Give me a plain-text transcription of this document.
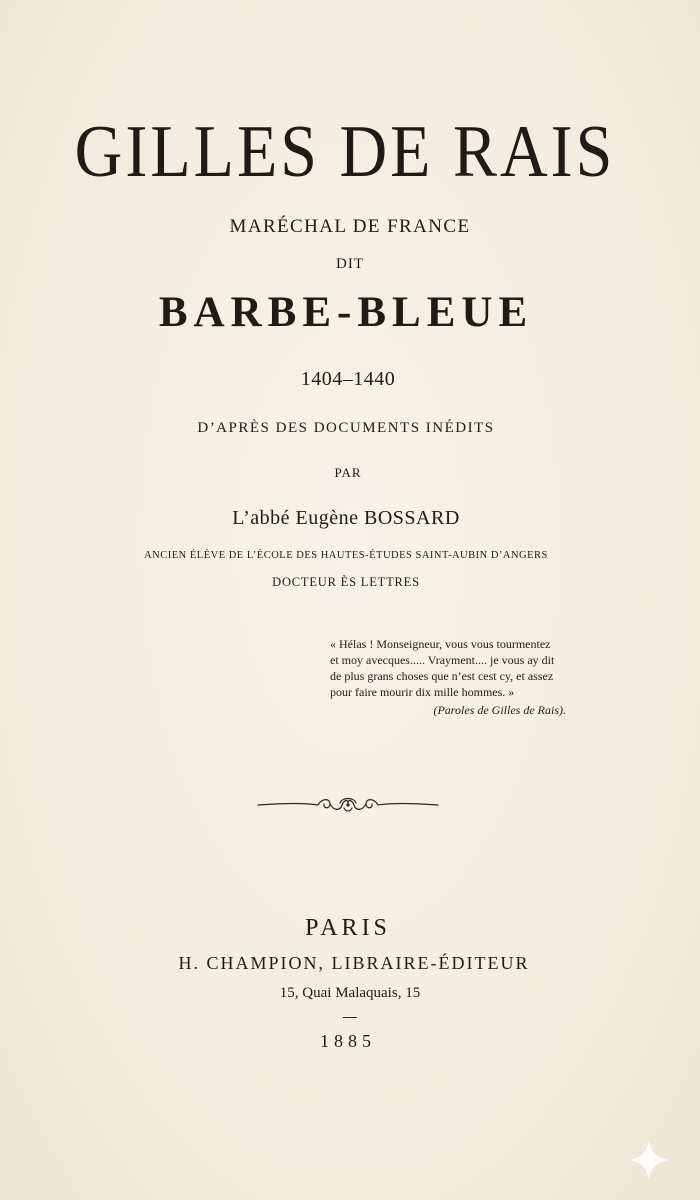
GILLES DE RAIS
MARÉCHAL DE FRANCE
DIT
BARBE-BLEUE
1404–1440
D’APRÈS DES DOCUMENTS INÉDITS
PAR
L’abbé Eugène BOSSARD
ANCIEN ÉLÈVE DE L’ÉCOLE DES HAUTES-ÉTUDES SAINT-AUBIN D’ANGERS
DOCTEUR ÈS LETTRES
« Hélas ! Monseigneur, vous vous tourmentez
et moy avecques..... Vrayment.... je vous ay dit
de plus grans choses que n’est cest cy, et assez
pour faire mourir dix mille hommes. »
(Paroles de Gilles de Rais).
PARIS
H. CHAMPION, LIBRAIRE-ÉDITEUR
15, Quai Malaquais, 15
1885
